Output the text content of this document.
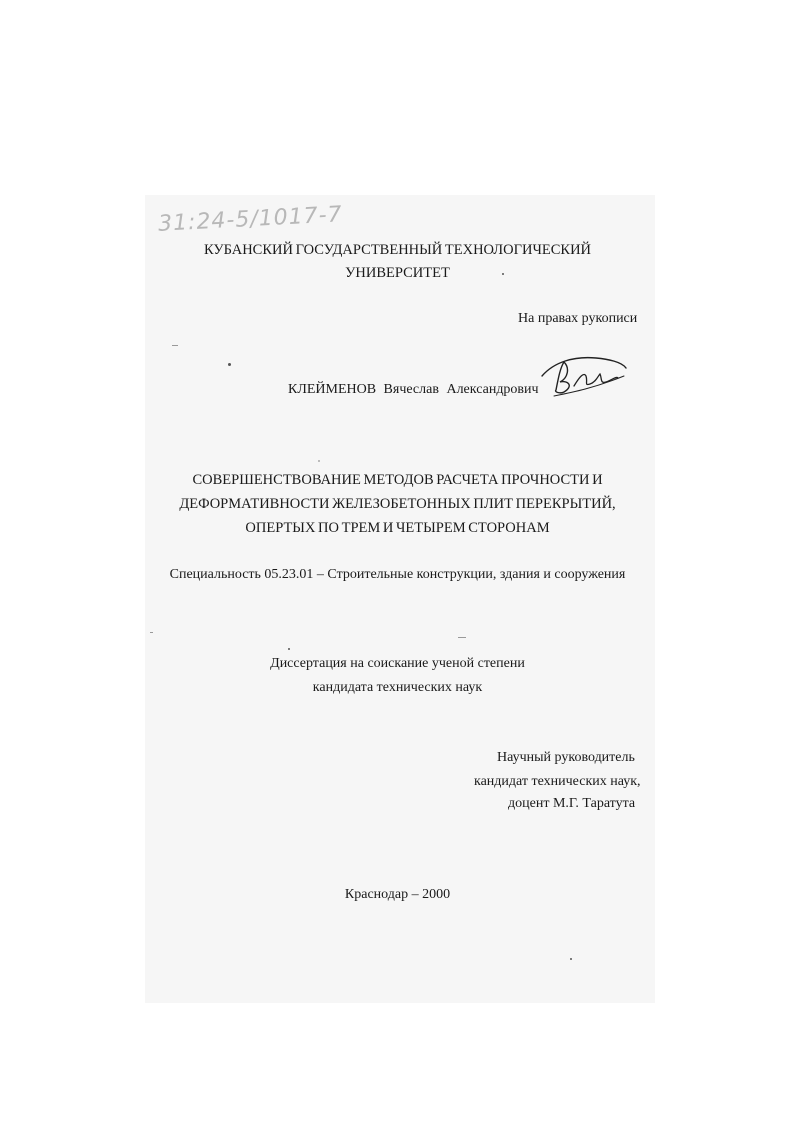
31:24-5/1017-7
КУБАНСКИЙ ГОСУДАРСТВЕННЫЙ ТЕХНОЛОГИЧЕСКИЙ
УНИВЕРСИТЕТ
На правах рукописи
КЛЕЙМЕНОВ Вячеслав Александрович
СОВЕРШЕНСТВОВАНИЕ МЕТОДОВ РАСЧЕТА ПРОЧНОСТИ И
ДЕФОРМАТИВНОСТИ ЖЕЛЕЗОБЕТОННЫХ ПЛИТ ПЕРЕКРЫТИЙ,
ОПЕРТЫХ ПО ТРЕМ И ЧЕТЫРЕМ СТОРОНАМ
Специальность 05.23.01 – Строительные конструкции, здания и сооружения
Диссертация на соискание ученой степени
кандидата технических наук
Научный руководитель
кандидат технических наук,
доцент М.Г. Таратута
Краснодар – 2000
